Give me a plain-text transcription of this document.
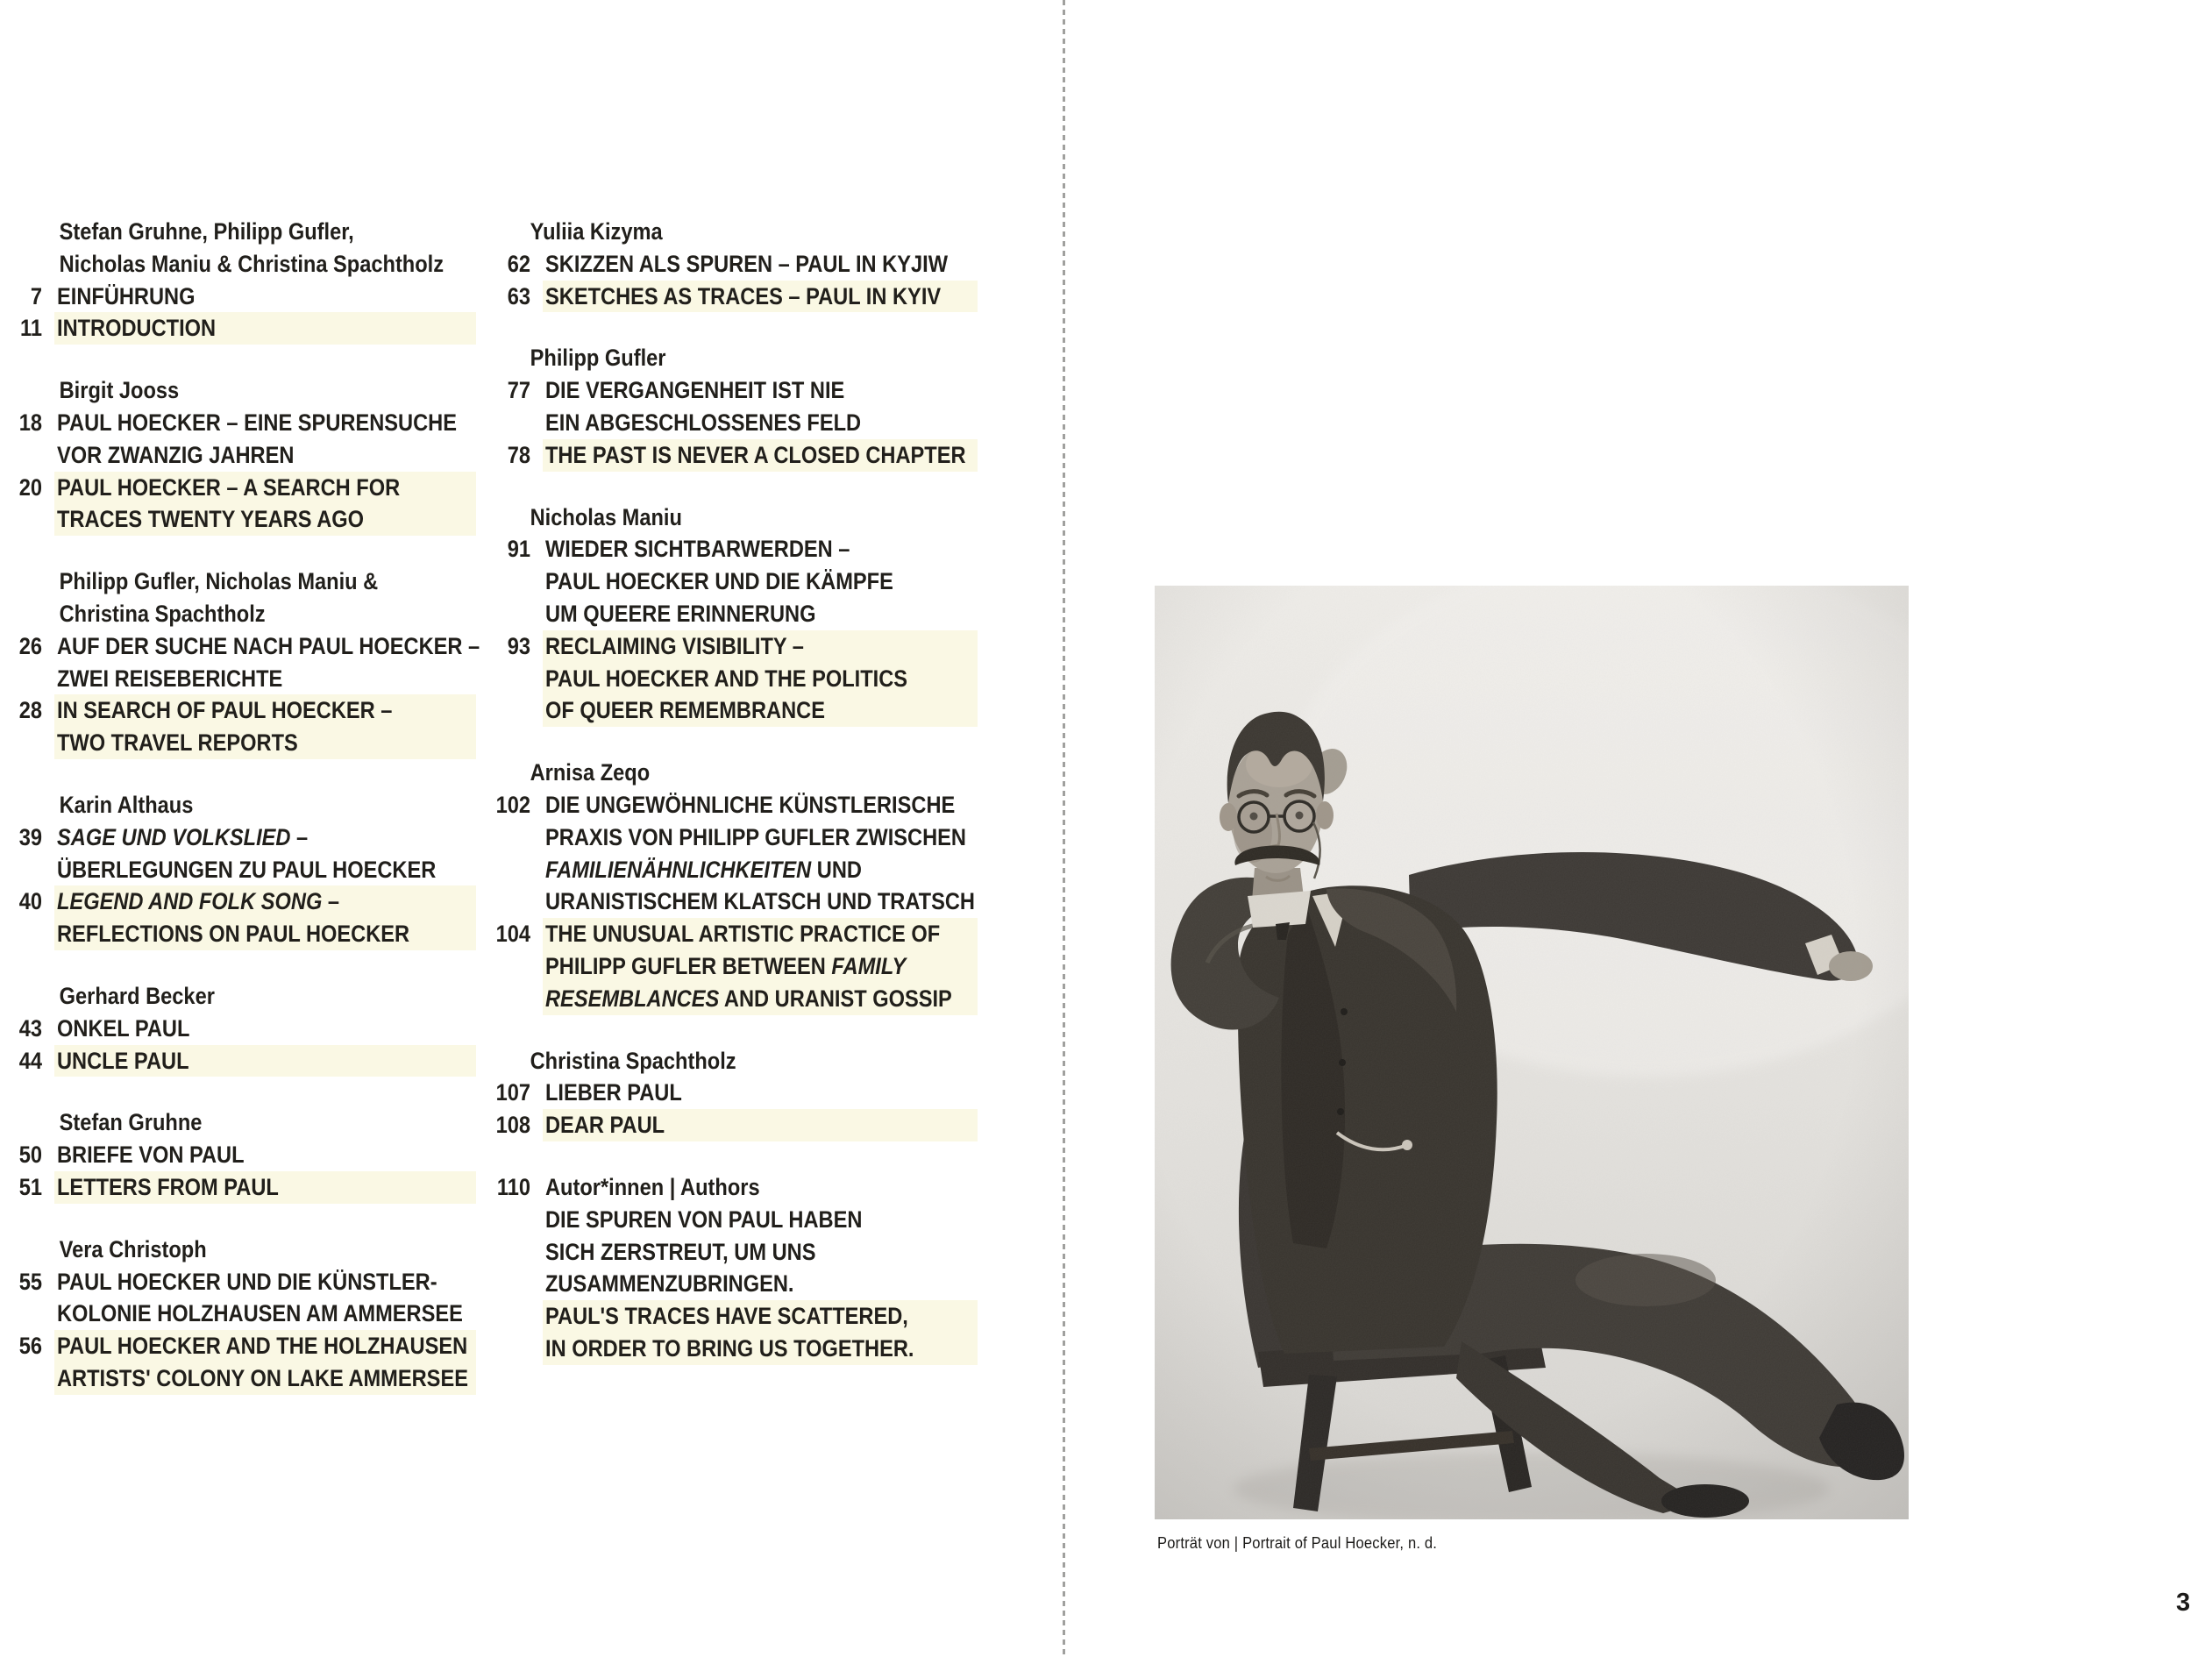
Stefan Gruhne, Philipp Gufler,
Nicholas Maniu & Christina Spachtholz
7 EINFÜHRUNG
11 INTRODUCTION
Birgit Jooss
18 PAUL HOECKER – EINE SPURENSUCHE
VOR ZWANZIG JAHREN
20 PAUL HOECKER – A SEARCH FOR
TRACES TWENTY YEARS AGO
Philipp Gufler, Nicholas Maniu &
Christina Spachtholz
26 AUF DER SUCHE NACH PAUL HOECKER –
ZWEI REISEBERICHTE
28 IN SEARCH OF PAUL HOECKER –
TWO TRAVEL REPORTS
Karin Althaus
39 SAGE UND VOLKSLIED –
ÜBERLEGUNGEN ZU PAUL HOECKER
40 LEGEND AND FOLK SONG –
REFLECTIONS ON PAUL HOECKER
Gerhard Becker
43 ONKEL PAUL
44 UNCLE PAUL
Stefan Gruhne
50 BRIEFE VON PAUL
51 LETTERS FROM PAUL
Vera Christoph
55 PAUL HOECKER UND DIE KÜNSTLER-
KOLONIE HOLZHAUSEN AM AMMERSEE
56 PAUL HOECKER AND THE HOLZHAUSEN
ARTISTS' COLONY ON LAKE AMMERSEE
Yuliia Kizyma
62 SKIZZEN ALS SPUREN – PAUL IN KYJIW
63 SKETCHES AS TRACES – PAUL IN KYIV
Philipp Gufler
77 DIE VERGANGENHEIT IST NIE
EIN ABGESCHLOSSENES FELD
78 THE PAST IS NEVER A CLOSED CHAPTER
Nicholas Maniu
91 WIEDER SICHTBARWERDEN –
PAUL HOECKER UND DIE KÄMPFE
UM QUEERE ERINNERUNG
93 RECLAIMING VISIBILITY –
PAUL HOECKER AND THE POLITICS
OF QUEER REMEMBRANCE
Arnisa Zeqo
102 DIE UNGEWÖHNLICHE KÜNSTLERISCHE
PRAXIS VON PHILIPP GUFLER ZWISCHEN
FAMILIENÄHNLICHKEITEN UND
URANISTISCHEM KLATSCH UND TRATSCH
104 THE UNUSUAL ARTISTIC PRACTICE OF
PHILIPP GUFLER BETWEEN FAMILY
RESEMBLANCES AND URANIST GOSSIP
Christina Spachtholz
107 LIEBER PAUL
108 DEAR PAUL
110 Autor*innen | Authors
DIE SPUREN VON PAUL HABEN
SICH ZERSTREUT, UM UNS
ZUSAMMENZUBRINGEN.
PAUL'S TRACES HAVE SCATTERED,
IN ORDER TO BRING US TOGETHER.
Porträt von | Portrait of Paul Hoecker, n. d.
3
